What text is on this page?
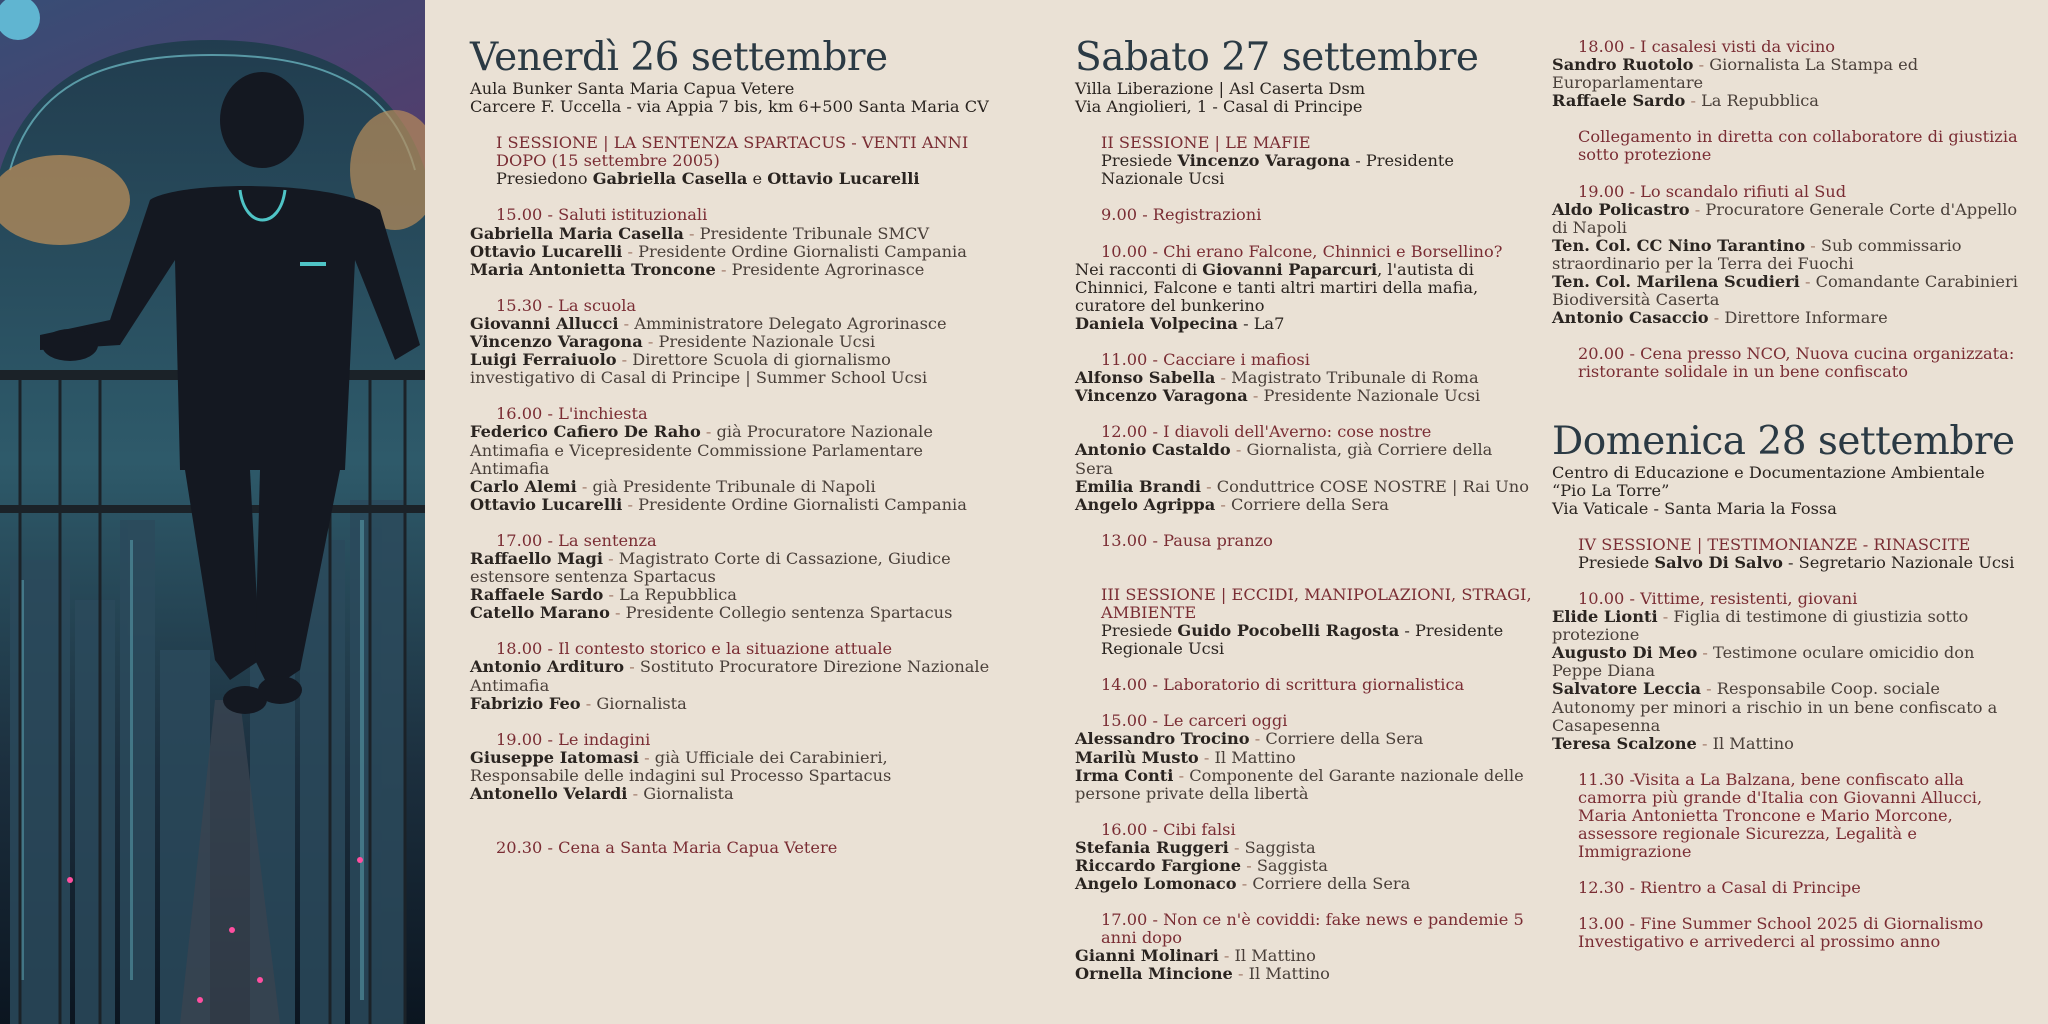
Venerdì 26 settembre

Aula Bunker Santa Maria Capua Vetere

Carcere F. Uccella - via Appia 7 bis, km 6+500 Santa Maria CV

I SESSIONE | LA SENTENZA SPARTACUS - VENTI ANNI DOPO (15 settembre 2005)

Presiedono Gabriella Casella e Ottavio Lucarelli

15.00 - Saluti istituzionali

Gabriella Maria Casella - Presidente Tribunale SMCV

Ottavio Lucarelli - Presidente Ordine Giornalisti Campania

Maria Antonietta Troncone - Presidente Agrorinasce

15.30 - La scuola

Giovanni Allucci - Amministratore Delegato Agrorinasce

Vincenzo Varagona - Presidente Nazionale Ucsi

Luigi Ferraiuolo - Direttore Scuola di giornalismo investigativo di Casal di Principe | Summer School Ucsi

16.00 - L'inchiesta

Federico Cafiero De Raho - già Procuratore Nazionale Antimafia e Vicepresidente Commissione Parlamentare Antimafia

Carlo Alemi - già Presidente Tribunale di Napoli

Ottavio Lucarelli - Presidente Ordine Giornalisti Campania

17.00 - La sentenza

Raffaello Magi - Magistrato Corte di Cassazione, Giudice estensore sentenza Spartacus

Raffaele Sardo - La Repubblica

Catello Marano - Presidente Collegio sentenza Spartacus

18.00 - Il contesto storico e la situazione attuale

Antonio Ardituro - Sostituto Procuratore Direzione Nazionale Antimafia

Fabrizio Feo - Giornalista

19.00 - Le indagini

Giuseppe Iatomasi - già Ufficiale dei Carabinieri, Responsabile delle indagini sul Processo Spartacus

Antonello Velardi - Giornalista

20.30 - Cena a Santa Maria Capua Vetere

Sabato 27 settembre

Villa Liberazione | Asl Caserta Dsm

Via Angiolieri, 1 - Casal di Principe

II SESSIONE | LE MAFIE

Presiede Vincenzo Varagona - Presidente Nazionale Ucsi

9.00 - Registrazioni

10.00 - Chi erano Falcone, Chinnici e Borsellino?

Nei racconti di Giovanni Paparcuri, l'autista di Chinnici, Falcone e tanti altri martiri della mafia, curatore del bunkerino

Daniela Volpecina - La7

11.00 - Cacciare i mafiosi

Alfonso Sabella - Magistrato Tribunale di Roma

Vincenzo Varagona - Presidente Nazionale Ucsi

12.00 - I diavoli dell'Averno: cose nostre

Antonio Castaldo - Giornalista, già Corriere della Sera

Emilia Brandi - Conduttrice COSE NOSTRE | Rai Uno

Angelo Agrippa - Corriere della Sera

13.00 - Pausa pranzo

III SESSIONE | ECCIDI, MANIPOLAZIONI, STRAGI, AMBIENTE

Presiede Guido Pocobelli Ragosta - Presidente Regionale Ucsi

14.00 - Laboratorio di scrittura giornalistica

15.00 - Le carceri oggi

Alessandro Trocino - Corriere della Sera

Marilù Musto - Il Mattino

Irma Conti - Componente del Garante nazionale delle persone private della libertà

16.00 - Cibi falsi

Stefania Ruggeri - Saggista

Riccardo Fargione - Saggista

Angelo Lomonaco - Corriere della Sera

17.00 - Non ce n'è coviddi: fake news e pandemie 5 anni dopo

Gianni Molinari - Il Mattino

Ornella Mincione - Il Mattino

18.00 - I casalesi visti da vicino

Sandro Ruotolo - Giornalista La Stampa ed Europarlamentare

Raffaele Sardo - La Repubblica

Collegamento in diretta con collaboratore di giustizia sotto protezione

19.00 - Lo scandalo rifiuti al Sud

Aldo Policastro - Procuratore Generale Corte d'Appello di Napoli

Ten. Col. CC Nino Tarantino - Sub commissario straordinario per la Terra dei Fuochi

Ten. Col. Marilena Scudieri - Comandante Carabinieri Biodiversità Caserta

Antonio Casaccio - Direttore Informare

20.00 - Cena presso NCO, Nuova cucina organizzata: ristorante solidale in un bene confiscato

Domenica 28 settembre

Centro di Educazione e Documentazione Ambientale

“Pio La Torre”

Via Vaticale - Santa Maria la Fossa

IV SESSIONE | TESTIMONIANZE - RINASCITE

Presiede Salvo Di Salvo - Segretario Nazionale Ucsi

10.00 - Vittime, resistenti, giovani

Elide Lionti - Figlia di testimone di giustizia sotto protezione

Augusto Di Meo - Testimone oculare omicidio don Peppe Diana

Salvatore Leccia - Responsabile Coop. sociale Autonomy per minori a rischio in un bene confiscato a Casapesenna

Teresa Scalzone - Il Mattino

11.30 -Visita a La Balzana, bene confiscato alla camorra più grande d'Italia con Giovanni Allucci, Maria Antonietta Troncone e Mario Morcone, assessore regionale Sicurezza, Legalità e Immigrazione

12.30 - Rientro a Casal di Principe

13.00 - Fine Summer School 2025 di Giornalismo Investigativo e arrivederci al prossimo anno
